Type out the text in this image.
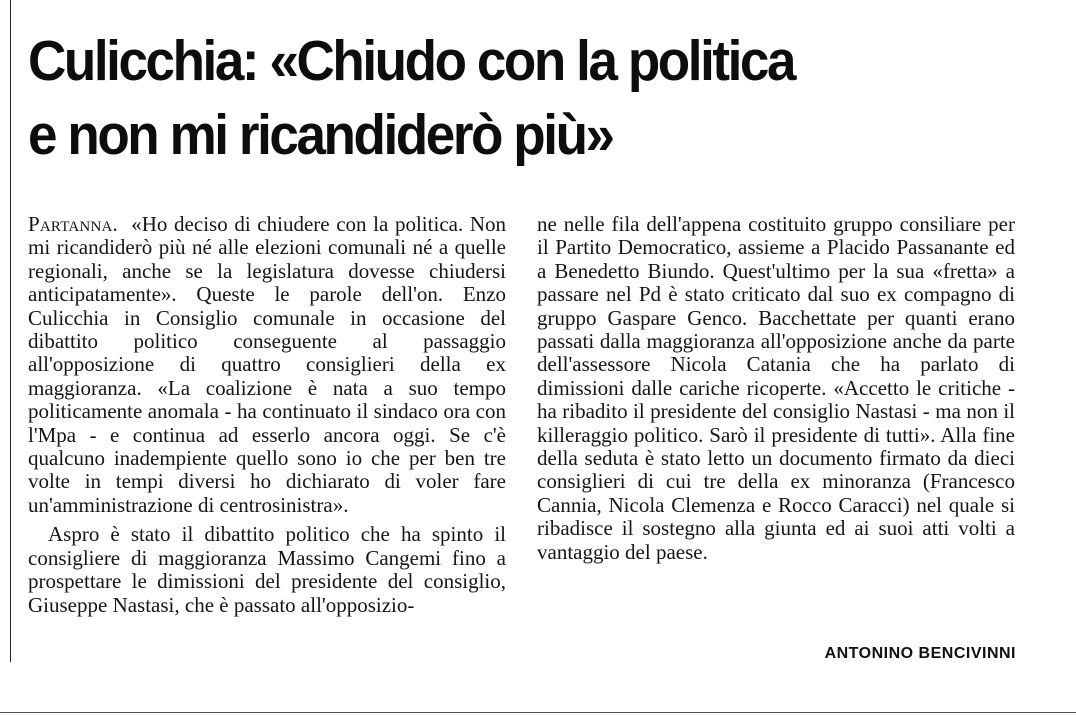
Culicchia: «Chiudo con la politica
e non mi ricandiderò più»

Partanna. «Ho deciso di chiudere con la politica. Non mi ricandiderò più né alle elezioni comunali né a quelle regionali, anche se la legislatura dovesse chiudersi anticipatamente». Queste le parole dell'on. Enzo Culicchia in Consiglio comunale in occasione del dibattito politico conseguente al passaggio all'opposizione di quattro consiglieri della ex maggioranza. «La coalizione è nata a suo tempo politicamente anomala - ha continuato il sindaco ora con l'Mpa - e continua ad esserlo ancora oggi. Se c'è qualcuno inadempiente quello sono io che per ben tre volte in tempi diversi ho dichiarato di voler fare un'amministrazione di centrosinistra».

Aspro è stato il dibattito politico che ha spinto il consigliere di maggioranza Massimo Cangemi fino a prospettare le dimissioni del presidente del consiglio, Giuseppe Nastasi, che è passato all'opposizio-

ne nelle fila dell'appena costituito gruppo consiliare per il Partito Democratico, assieme a Placido Passanante ed a Benedetto Biundo. Quest'ultimo per la sua «fretta» a passare nel Pd è stato criticato dal suo ex compagno di gruppo Gaspare Genco. Bacchettate per quanti erano passati dalla maggioranza all'opposizione anche da parte dell'assessore Nicola Catania che ha parlato di dimissioni dalle cariche ricoperte. «Accetto le critiche - ha ribadito il presidente del consiglio Nastasi - ma non il killeraggio politico. Sarò il presidente di tutti». Alla fine della seduta è stato letto un documento firmato da dieci consiglieri di cui tre della ex minoranza (Francesco Cannia, Nicola Clemenza e Rocco Caracci) nel quale si ribadisce il sostegno alla giunta ed ai suoi atti volti a vantaggio del paese.

ANTONINO BENCIVINNI
